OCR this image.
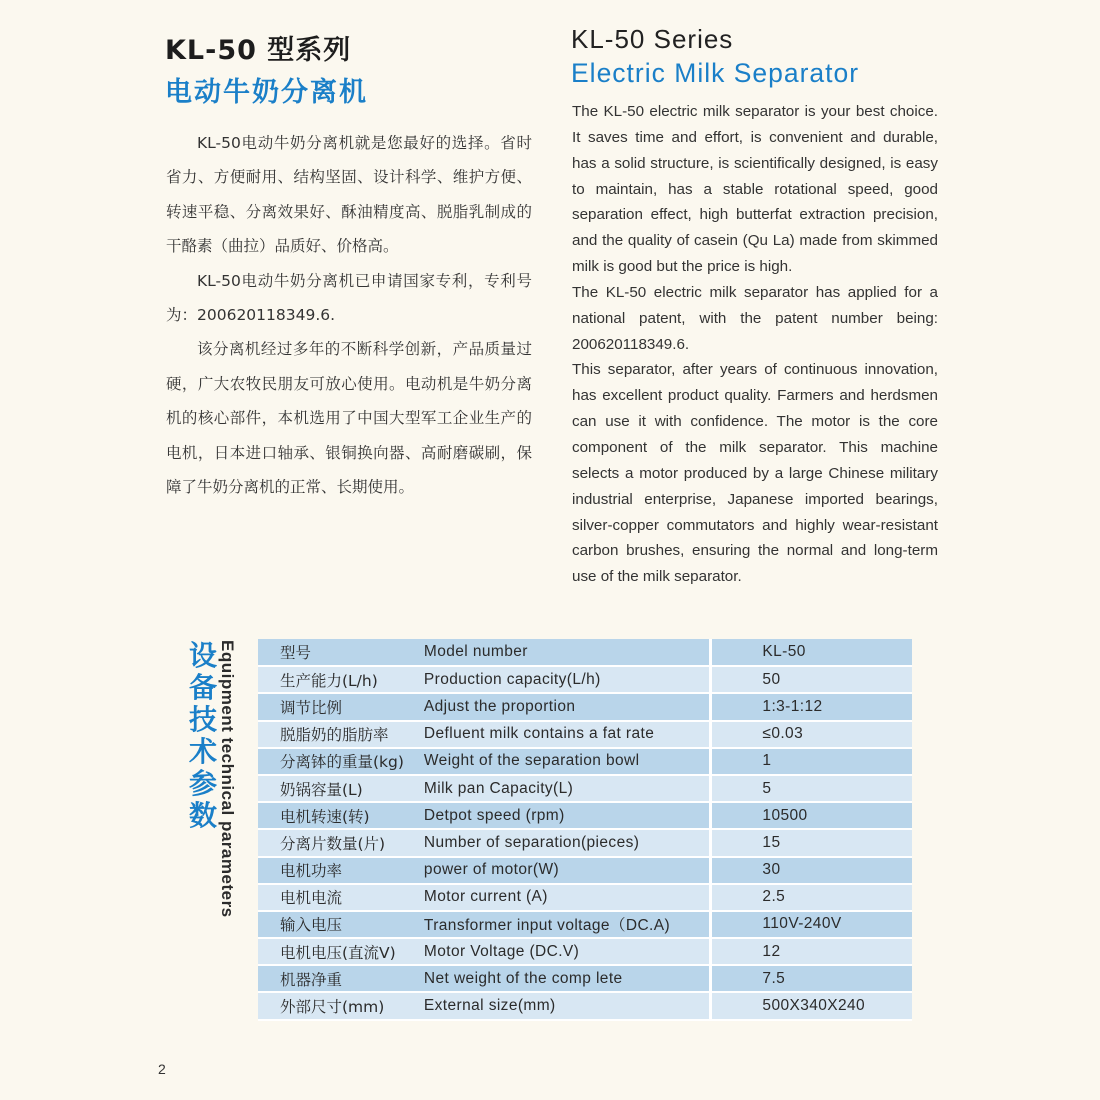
KL-50 型系列
电动牛奶分离机

KL-50电动牛奶分离机就是您最好的选择。省时省力、方便耐用、结构坚固、设计科学、维护方便、转速平稳、分离效果好、酥油精度高、脱脂乳制成的干酪素（曲拉）品质好、价格高。

KL-50电动牛奶分离机已申请国家专利，专利号为：200620118349.6.

该分离机经过多年的不断科学创新，产品质量过硬，广大农牧民朋友可放心使用。电动机是牛奶分离机的核心部件，本机选用了中国大型军工企业生产的电机，日本进口轴承、银铜换向器、高耐磨碳刷，保障了牛奶分离机的正常、长期使用。

KL-50 Series
Electric Milk Separator

The KL-50 electric milk separator is your best choice. It saves time and effort, is convenient and durable, has a solid structure, is scientifically designed, is easy to maintain, has a stable rotational speed, good separation effect, high butterfat extraction precision, and the quality of casein (Qu La) made from skimmed milk is good but the price is high.

The KL-50 electric milk separator has applied for a national patent, with the patent number being: 200620118349.6.

This separator, after years of continuous innovation, has excellent product quality. Farmers and herdsmen can use it with confidence. The motor is the core component of the milk separator. This machine selects a motor produced by a large Chinese military industrial enterprise, Japanese imported bearings, silver-copper commutators and highly wear-resistant carbon brushes, ensuring the normal and long-term use of the milk separator.

设
备
技
术
参
数 Equipment technical parameters	型号	Model number	KL-50
生产能力(L/h)	Production capacity(L/h)	50
调节比例	Adjust the proportion	1:3-1:12
脱脂奶的脂肪率	Defluent milk contains a fat rate	≤0.03
分离钵的重量(kg)	Weight of the separation bowl	1
奶锅容量(L)	Milk pan Capacity(L)	5
电机转速(转)	Detpot speed (rpm)	10500
分离片数量(片)	Number of separation(pieces)	15
电机功率	power of motor(W)	30
电机电流	Motor current (A)	2.5
输入电压	Transformer input voltage（DC.A)	110V-240V
电机电压(直流V)	Motor Voltage (DC.V)	12
机器净重	Net weight of the comp lete	7.5
外部尺寸(mm)	External size(mm)	500X340X240
2
